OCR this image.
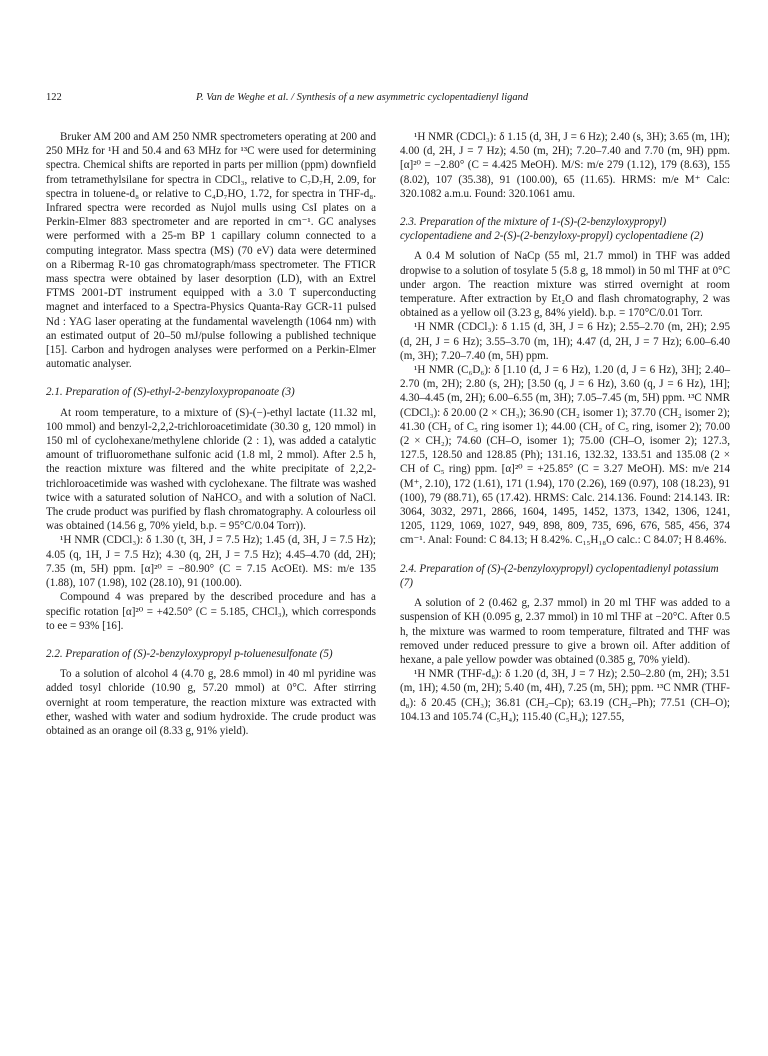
122	P. Van de Weghe et al. / Synthesis of a new asymmetric cyclopentadienyl ligand

Bruker AM 200 and AM 250 NMR spectrometers operating at 200 and 250 MHz for ¹H and 50.4 and 63 MHz for ¹³C were used for determining spectra. Chemical shifts are reported in parts per million (ppm) downfield from tetramethylsilane for spectra in CDCl₃, relative to C₇D₇H, 2.09, for spectra in toluene-d₈ or relative to C₄D₇HO, 1.72, for spectra in THF-d₈. Infrared spectra were recorded as Nujol mulls using CsI plates on a Perkin-Elmer 883 spectrometer and are reported in cm⁻¹. GC analyses were performed with a 25-m BP 1 capillary column connected to a computing integrator. Mass spectra (MS) (70 eV) data were determined on a Ribermag R-10 gas chromatograph/mass spectrometer. The FTICR mass spectra were obtained by laser desorption (LD), with an Extrel FTMS 2001-DT instrument equipped with a 3.0 T superconducting magnet and interfaced to a Spectra-Physics Quanta-Ray GCR-11 pulsed Nd : YAG laser operating at the fundamental wavelength (1064 nm) with an estimated output of 20–50 mJ/pulse following a published technique [15]. Carbon and hydrogen analyses were performed on a Perkin-Elmer automatic analyser.

2.1. Preparation of (S)-ethyl-2-benzyloxypropanoate (3)

At room temperature, to a mixture of (S)-(−)-ethyl lactate (11.32 ml, 100 mmol) and benzyl-2,2,2-trichloroacetimidate (30.30 g, 120 mmol) in 150 ml of cyclohexane/methylene chloride (2 : 1), was added a catalytic amount of trifluoromethane sulfonic acid (1.8 ml, 2 mmol). After 2.5 h, the reaction mixture was filtered and the white precipitate of 2,2,2-trichloroacetimide was washed with cyclohexane. The filtrate was washed twice with a saturated solution of NaHCO₃ and with a solution of NaCl. The crude product was purified by flash chromatography. A colourless oil was obtained (14.56 g, 70% yield, b.p. = 95°C/0.04 Torr)).

¹H NMR (CDCl₃): δ 1.30 (t, 3H, J = 7.5 Hz); 1.45 (d, 3H, J = 7.5 Hz); 4.05 (q, 1H, J = 7.5 Hz); 4.30 (q, 2H, J = 7.5 Hz); 4.45–4.70 (dd, 2H); 7.35 (m, 5H) ppm. [α]²⁰ = −80.90° (C = 7.15 AcOEt). MS: m/e 135 (1.88), 107 (1.98), 102 (28.10), 91 (100.00).

Compound 4 was prepared by the described procedure and has a specific rotation [α]²⁰ = +42.50° (C = 5.185, CHCl₃), which corresponds to ee = 93% [16].

2.2. Preparation of (S)-2-benzyloxypropyl p-toluenesulfonate (5)

To a solution of alcohol 4 (4.70 g, 28.6 mmol) in 40 ml pyridine was added tosyl chloride (10.90 g, 57.20 mmol) at 0°C. After stirring overnight at room temperature, the reaction mixture was extracted with ether, washed with water and sodium hydroxide. The crude product was obtained as an orange oil (8.33 g, 91% yield).

¹H NMR (CDCl₃): δ 1.15 (d, 3H, J = 6 Hz); 2.40 (s, 3H); 3.65 (m, 1H); 4.00 (d, 2H, J = 7 Hz); 4.50 (m, 2H); 7.20–7.40 and 7.70 (m, 9H) ppm. [α]²⁰ = −2.80° (C = 4.425 MeOH). M/S: m/e 279 (1.12), 179 (8.63), 155 (8.02), 107 (35.38), 91 (100.00), 65 (11.65). HRMS: m/e M⁺ Calc: 320.1082 a.m.u. Found: 320.1061 amu.

2.3. Preparation of the mixture of 1-(S)-(2-benzyloxypropyl) cyclopentadiene and 2-(S)-(2-benzyloxy-propyl) cyclopentadiene (2)

A 0.4 M solution of NaCp (55 ml, 21.7 mmol) in THF was added dropwise to a solution of tosylate 5 (5.8 g, 18 mmol) in 50 ml THF at 0°C under argon. The reaction mixture was stirred overnight at room temperature. After extraction by Et₂O and flash chromatography, 2 was obtained as a yellow oil (3.23 g, 84% yield). b.p. = 170°C/0.01 Torr.

¹H NMR (CDCl₃): δ 1.15 (d, 3H, J = 6 Hz); 2.55–2.70 (m, 2H); 2.95 (d, 2H, J = 6 Hz); 3.55–3.70 (m, 1H); 4.47 (d, 2H, J = 7 Hz); 6.00–6.40 (m, 3H); 7.20–7.40 (m, 5H) ppm.

¹H NMR (C₆D₆): δ [1.10 (d, J = 6 Hz), 1.20 (d, J = 6 Hz), 3H]; 2.40–2.70 (m, 2H); 2.80 (s, 2H); [3.50 (q, J = 6 Hz), 3.60 (q, J = 6 Hz), 1H]; 4.30–4.45 (m, 2H); 6.00–6.55 (m, 3H); 7.05–7.45 (m, 5H) ppm. ¹³C NMR (CDCl₃): δ 20.00 (2 × CH₃); 36.90 (CH₂ isomer 1); 37.70 (CH₂ isomer 2); 41.30 (CH₂ of C₅ ring isomer 1); 44.00 (CH₂ of C₅ ring, isomer 2); 70.00 (2 × CH₂); 74.60 (CH–O, isomer 1); 75.00 (CH–O, isomer 2); 127.3, 127.5, 128.50 and 128.85 (Ph); 131.16, 132.32, 133.51 and 135.08 (2 × CH of C₅ ring) ppm. [α]²⁰ = +25.85° (C = 3.27 MeOH). MS: m/e 214 (M⁺, 2.10), 172 (1.61), 171 (1.94), 170 (2.26), 169 (0.97), 108 (18.23), 91 (100), 79 (88.71), 65 (17.42). HRMS: Calc. 214.136. Found: 214.143. IR: 3064, 3032, 2971, 2866, 1604, 1495, 1452, 1373, 1342, 1306, 1241, 1205, 1129, 1069, 1027, 949, 898, 809, 735, 696, 676, 585, 456, 374 cm⁻¹. Anal: Found: C 84.13; H 8.42%. C₁₅H₁₈O calc.: C 84.07; H 8.46%.

2.4. Preparation of (S)-(2-benzyloxypropyl) cyclopentadienyl potassium (7)

A solution of 2 (0.462 g, 2.37 mmol) in 20 ml THF was added to a suspension of KH (0.095 g, 2.37 mmol) in 10 ml THF at −20°C. After 0.5 h, the mixture was warmed to room temperature, filtrated and THF was removed under reduced pressure to give a brown oil. After addition of hexane, a pale yellow powder was obtained (0.385 g, 70% yield).

¹H NMR (THF-d₈): δ 1.20 (d, 3H, J = 7 Hz); 2.50–2.80 (m, 2H); 3.51 (m, 1H); 4.50 (m, 2H); 5.40 (m, 4H), 7.25 (m, 5H); ppm. ¹³C NMR (THF-d₈): δ 20.45 (CH₃); 36.81 (CH₂–Cp); 63.19 (CH₂–Ph); 77.51 (CH–O); 104.13 and 105.74 (C₅H₄); 115.40 (C₅H₄); 127.55,
